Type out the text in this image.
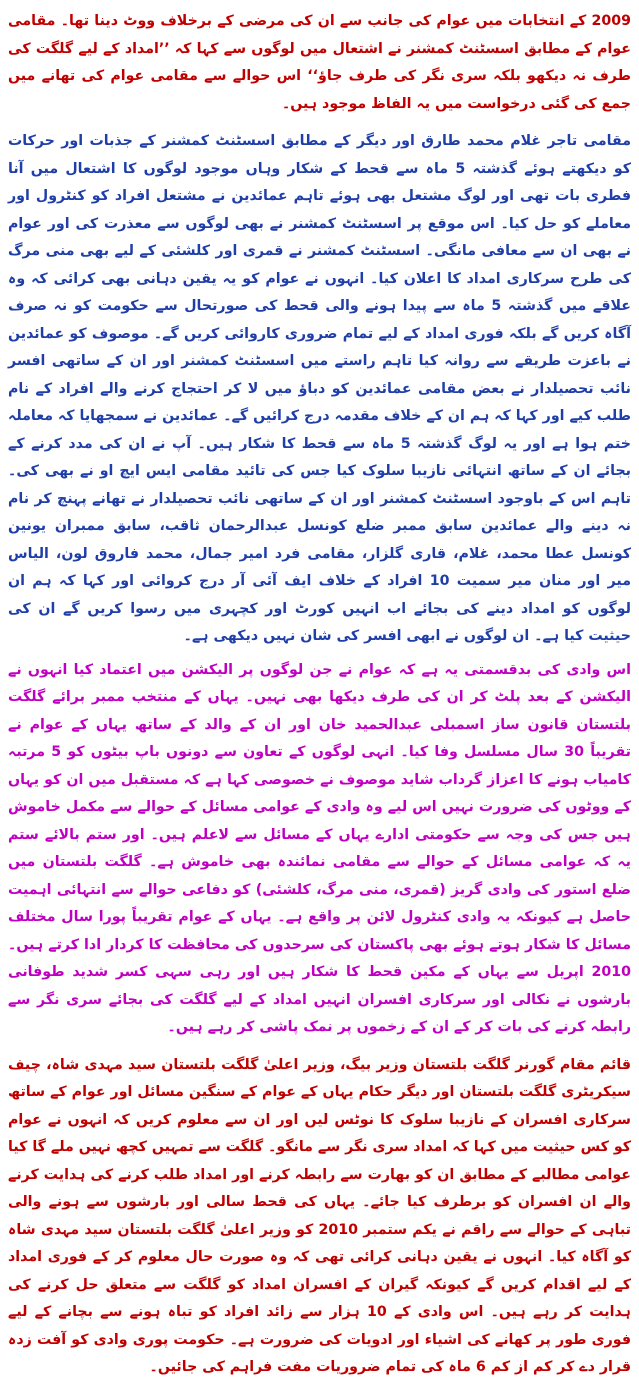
2009 کے انتخابات میں عوام کی جانب سے ان کی مرضی کے برخلاف ووٹ دینا تھا۔ مقامی عوام کے مطابق اسسٹنٹ کمشنر نے اشتعال میں لوگوں سے کہا کہ ’’امداد کے لیے گلگت کی طرف نہ دیکھو بلکہ سری نگر کی طرف جاؤ‘‘ اس حوالے سے مقامی عوام کی تھانے میں جمع کی گئی درخواست میں یہ الفاظ موجود ہیں۔

مقامی تاجر غلام محمد طارق اور دیگر کے مطابق اسسٹنٹ کمشنر کے جذبات اور حرکات کو دیکھتے ہوئے گذشتہ 5 ماہ سے قحط کے شکار وہاں موجود لوگوں کا اشتعال میں آنا فطری بات تھی اور لوگ مشتعل بھی ہوئے تاہم عمائدین نے مشتعل افراد کو کنٹرول اور معاملے کو حل کیا۔ اس موقع پر اسسٹنٹ کمشنر نے بھی لوگوں سے معذرت کی اور عوام نے بھی ان سے معافی مانگی۔ اسسٹنٹ کمشنر نے قمری اور کلشئی کے لیے بھی منی مرگ کی طرح سرکاری امداد کا اعلان کیا۔ انہوں نے عوام کو یہ یقین دہانی بھی کرائی کہ وہ علاقے میں گذشتہ 5 ماہ سے پیدا ہونے والی قحط کی صورتحال سے حکومت کو نہ صرف آگاہ کریں گے بلکہ فوری امداد کے لیے تمام ضروری کاروائی کریں گے۔ موصوف کو عمائدین نے باعزت طریقے سے روانہ کیا تاہم راستے میں اسسٹنٹ کمشنر اور ان کے ساتھی افسر نائب تحصیلدار نے بعض مقامی عمائدین کو دباؤ میں لا کر احتجاج کرنے والے افراد کے نام طلب کیے اور کہا کہ ہم ان کے خلاف مقدمہ درج کرائیں گے۔ عمائدین نے سمجھایا کہ معاملہ ختم ہوا ہے اور یہ لوگ گذشتہ 5 ماہ سے قحط کا شکار ہیں۔ آپ نے ان کی مدد کرنے کے بجائے ان کے ساتھ انتہائی نازیبا سلوک کیا جس کی تائید مقامی ایس ایچ او نے بھی کی۔ تاہم اس کے باوجود اسسٹنٹ کمشنر اور ان کے ساتھی نائب تحصیلدار نے تھانے پہنچ کر نام نہ دینے والے عمائدین سابق ممبر ضلع کونسل عبدالرحمان ثاقب، سابق ممبران یونین کونسل عطا محمد، غلام، قاری گلزار، مقامی فرد امیر جمال، محمد فاروق لون، الیاس میر اور منان میر سمیت 10 افراد کے خلاف ایف آئی آر درج کروائی اور کہا کہ ہم ان لوگوں کو امداد دینے کی بجائے اب انہیں کورٹ اور کچہری میں رسوا کریں گے ان کی حیثیت کیا ہے۔ ان لوگوں نے ابھی افسر کی شان نہیں دیکھی ہے۔

اس وادی کی بدقسمتی یہ ہے کہ عوام نے جن لوگوں پر الیکشن میں اعتماد کیا انہوں نے الیکشن کے بعد پلٹ کر ان کی طرف دیکھا بھی نہیں۔ یہاں کے منتخب ممبر برائے گلگت بلتستان قانون ساز اسمبلی عبدالحمید خان اور ان کے والد کے ساتھ یہاں کے عوام نے تقریباً 30 سال مسلسل وفا کیا۔ انہی لوگوں کے تعاون سے دونوں باپ بیٹوں کو 5 مرتبہ کامیاب ہونے کا اعزاز گرداب شاید موصوف نے خصوصی کہا ہے کہ مستقبل میں ان کو یہاں کے ووٹوں کی ضرورت نہیں اس لیے وہ وادی کے عوامی مسائل کے حوالے سے مکمل خاموش ہیں جس کی وجہ سے حکومتی ادارے یہاں کے مسائل سے لاعلم ہیں۔ اور ستم بالائے ستم یہ کہ عوامی مسائل کے حوالے سے مقامی نمائندہ بھی خاموش ہے۔ گلگت بلتستان میں ضلع استور کی وادی گریز (قمری، منی مرگ، کلشئی) کو دفاعی حوالے سے انتہائی اہمیت حاصل ہے کیونکہ یہ وادی کنٹرول لائن پر واقع ہے۔ یہاں کے عوام تقریباً پورا سال مختلف مسائل کا شکار ہوتے ہوئے بھی پاکستان کی سرحدوں کی محافظت کا کردار ادا کرتے ہیں۔ 2010 اپریل سے یہاں کے مکین قحط کا شکار ہیں اور رہی سہی کسر شدید طوفانی بارشوں نے نکالی اور سرکاری افسران انہیں امداد کے لیے گلگت کی بجائے سری نگر سے رابطہ کرنے کی بات کر کے ان کے زخموں پر نمک پاشی کر رہے ہیں۔

قائم مقام گورنر گلگت بلتستان وزیر بیگ، وزیر اعلیٰ گلگت بلتستان سید مہدی شاہ، چیف سیکریٹری گلگت بلتستان اور دیگر حکام یہاں کے عوام کے سنگین مسائل اور عوام کے ساتھ سرکاری افسران کے نازیبا سلوک کا نوٹس لیں اور ان سے معلوم کریں کہ انہوں نے عوام کو کس حیثیت میں کہا کہ امداد سری نگر سے مانگو۔ گلگت سے تمہیں کچھ نہیں ملے گا کیا عوامی مطالبے کے مطابق ان کو بھارت سے رابطہ کرنے اور امداد طلب کرنے کی ہدایت کرنے والے ان افسران کو برطرف کیا جائے۔ یہاں کی قحط سالی اور بارشوں سے ہونے والی تباہی کے حوالے سے راقم نے یکم ستمبر 2010 کو وزیر اعلیٰ گلگت بلتستان سید مہدی شاہ کو آگاہ کیا۔ انہوں نے یقین دہانی کرائی تھی کہ وہ صورت حال معلوم کر کے فوری امداد کے لیے اقدام کریں گے کیونکہ گیران کے افسران امداد کو گلگت سے متعلق حل کرنے کی ہدایت کر رہے ہیں۔ اس وادی کے 10 ہزار سے زائد افراد کو تباہ ہونے سے بچانے کے لیے فوری طور پر کھانے کی اشیاء اور ادویات کی ضرورت ہے۔ حکومت پوری وادی کو آفت زدہ قرار دے کر کم از کم 6 ماہ کی تمام ضروریات مفت فراہم کی جائیں۔
